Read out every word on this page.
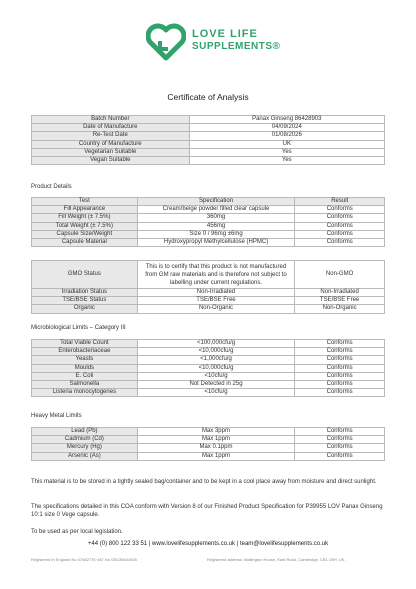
LOVE LIFE
SUPPLEMENTS®
Certificate of Analysis
Batch Number	Panax Ginseng 86428903
Date of Manufacture	04/09/2024
Re-Test Date	01/08/2026
Country of Manufacture	UK
Vegetarian Suitable	Yes
Vegan Suitable	Yes
Product Details
Test	Specification	Result
Fill Appearance	Cream/beige powder filled clear capsule	Conforms
Fill Weight (± 7.5%)	360mg	Conforms
Total Weight (± 7.5%)	456mg	Conforms
Capsule Size/Weight	Size 0 / 96mg ±6mg	Conforms
Capsule Material	Hydroxypropyl Methylcellulose (HPMC)	Conforms
GMO Status	This is to certify that this product is not manufactured
from GM raw materials and is therefore not subject to
labelling under current regulations.	Non-GMO
Irradiation Status	Non-Irradiated	Non-Irradiated
TSE/BSE Status	TSE/BSE Free	TSE/BSE Free
Organic	Non-Organic	Non-Organic
Microbiological Limits – Category III
Total Viable Count	<100,000cfu/g	Conforms
Enterobacteriaceae	<10,000cfu/g	Conforms
Yeasts	<1,000cfu/g	Conforms
Moulds	<10,000cfu/g	Conforms
E. Coli	<10cfu/g	Conforms
Salmonella	Not Detected in 25g	Conforms
Listeria monocytogenes	<10cfu/g	Conforms
Heavy Metal Limits
Lead (Pb)	Max 3ppm	Conforms
Cadmium (Cd)	Max 1ppm	Conforms
Mercury (Hg)	Max 0.1ppm	Conforms
Arsenic (As)	Max 1ppm	Conforms
This material is to be stored in a tightly sealed bag/container and to be kept in a cool place away from moisture and direct sunlight.
The specifications detailed in this COA conform with Version 8 of our Finished Product Specification for P39955 LOV Panax Ginseng 10:1 size 0 Vege capsule.
To be used as per local legislation.
+44 (0) 800 122 33 51 | www.lovelifesupplements.co.uk | team@lovelifesupplements.co.uk
Registered in England No 07682776 VAT No GB135644405	Registered address: Wallington House, East Road, Cambridge, CB1 1BH, UK.
